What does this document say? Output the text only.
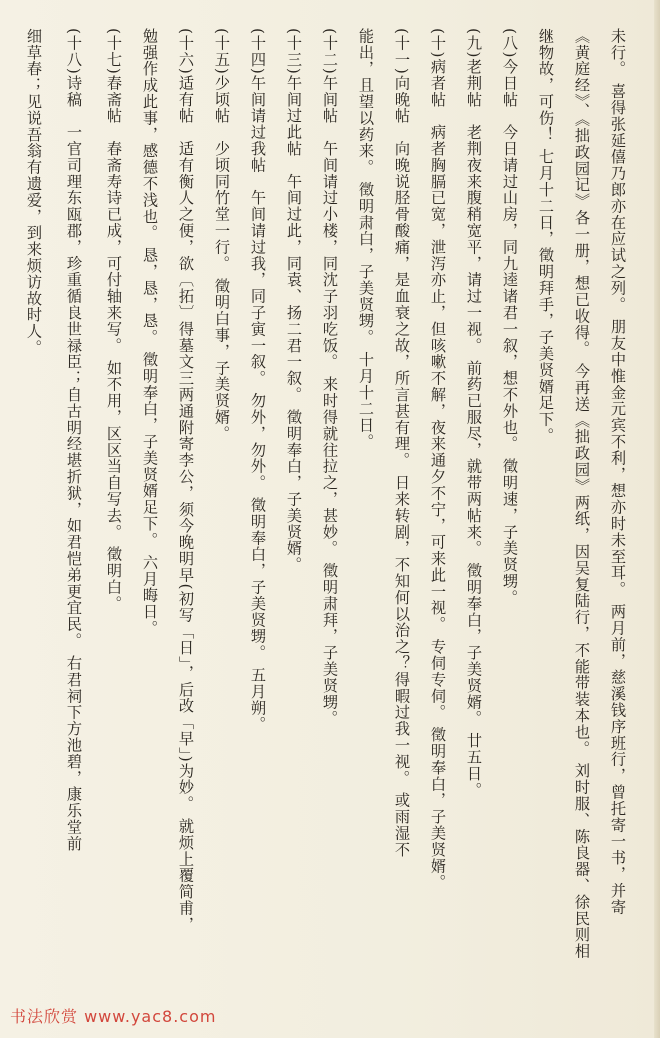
未行。 喜得张延僖乃郎亦在应试之列。 朋友中惟金元宾不利，想亦时未至耳。 两月前，慈溪钱序班行，曾托寄一书，并寄
《黄庭经》、《拙政园记》各一册，想已收得。 今再送《拙政园》两纸，因吴复陆行，不能带装本也。 刘时服、陈良器、徐民则相
继物故，可伤！ 七月十二日，徵明拜手，子美贤婿足下。
(八)今日帖　今日请过山房，同九逵诸君一叙，想不外也。 徵明速，子美贤甥。
(九)老荆帖　老荆夜来腹稍宽平，请过一视。 前药已服尽，就带两帖来。 徵明奉白，子美贤婿。 廿五日。
(十)病者帖　病者胸膈已宽，泄泻亦止，但咳嗽不解，夜来通夕不宁，可来此一视。 专伺专伺。 徵明奉白，子美贤婿。
(十一)向晚帖　向晚说胫骨酸痛，是血衰之故，所言甚有理。 日来转剧，不知何以治之？得暇过我一视。 或雨湿不
能出，且望以药来。 徵明肃白，子美贤甥。 十月十二日。
(十二)午间帖　午间请过小楼，同沈子羽吃饭。 来时得就往拉之，甚妙。 徵明肃拜，子美贤甥。
(十三)午间过此帖　午间过此，同袁、扬二君一叙。 徵明奉白，子美贤婿。
(十四)午间请过我帖　午间请过我，同子寅一叙。 勿外，勿外。 徵明奉白，子美贤甥。 五月朔。
(十五)少顷帖　少顷同竹堂一行。 徵明白事，子美贤婿。
(十六)适有帖　适有衡人之便，欲〔拓〕得墓文三两通附寄李公，须今晚明早(初写「日」，后改「早」)为妙。 就烦上覆简甫，
勉强作成此事，感德不浅也。 恳，恳，恳。 徵明奉白，子美贤婿足下。 六月晦日。
(十七)春斋帖　春斋寿诗已成，可付轴来写。 如不用，区区当自写去。 徵明白。
(十八)诗稿　一官司理东瓯郡，珍重循良世禄臣；自古明经堪折狱，如君恺弟更宜民。 右君祠下方池碧，康乐堂前
细草春；见说吾翁有遗爱，到来烦访故时人。
书法欣赏 www.yac8.com
